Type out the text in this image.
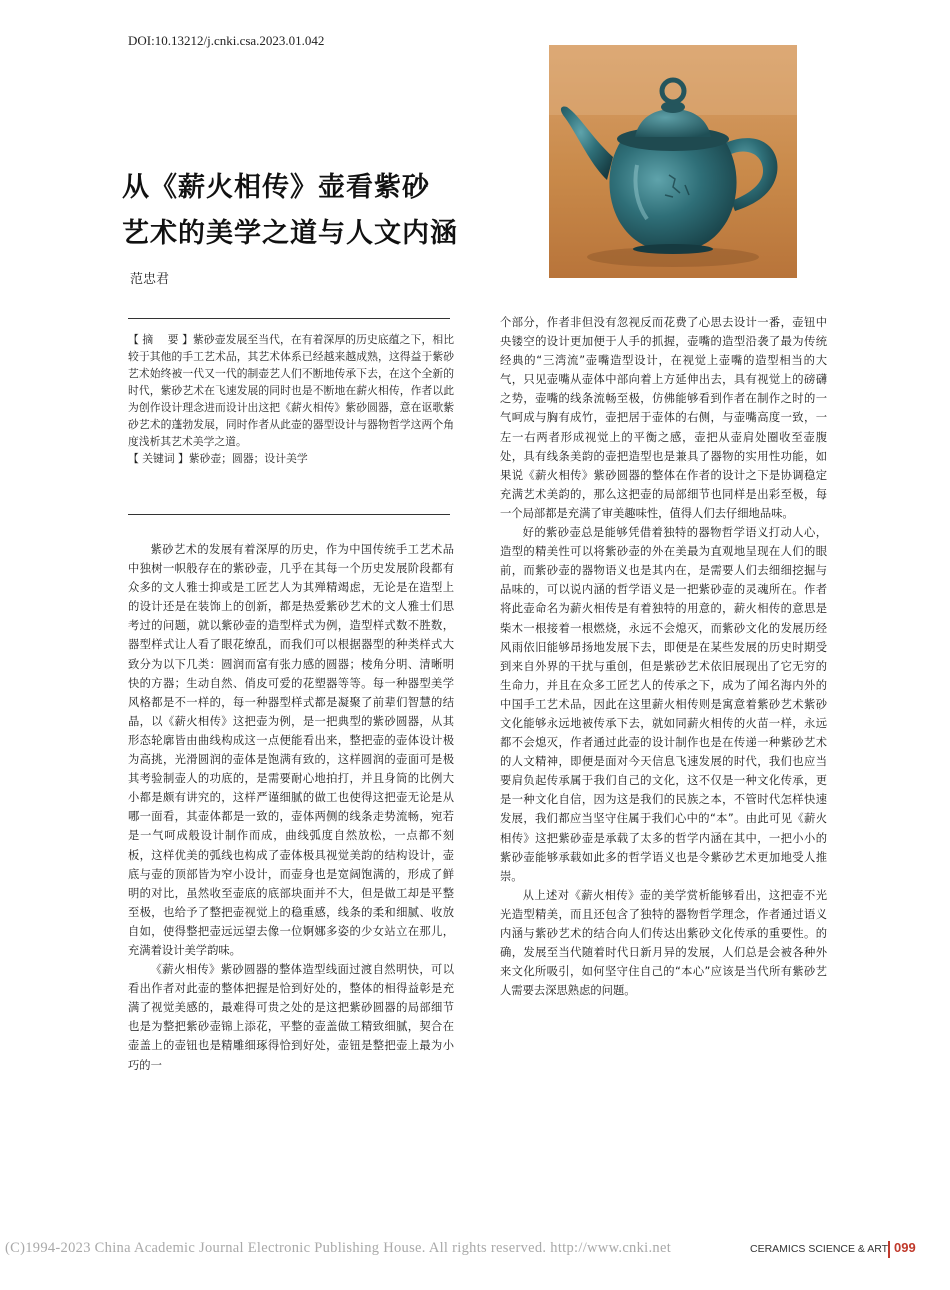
DOI:10.13212/j.cnki.csa.2023.01.042
从《薪火相传》壶看紫砂
艺术的美学之道与人文内涵
范忠君

【 摘　 要 】紫砂壶发展至当代，在有着深厚的历史底蕴之下，相比较于其他的手工艺术品，其艺术体系已经越来越成熟，这得益于紫砂艺术始终被一代又一代的制壶艺人们不断地传承下去，在这个全新的时代，紫砂艺术在飞速发展的同时也是不断地在薪火相传，作者以此为创作设计理念进而设计出这把《薪火相传》紫砂圆器，意在讴歌紫砂艺术的蓬勃发展，同时作者从此壶的器型设计与器物哲学这两个角度浅析其艺术美学之道。

【 关键词 】紫砂壶；圆器；设计美学

紫砂艺术的发展有着深厚的历史，作为中国传统手工艺术品中独树一帜般存在的紫砂壶，几乎在其每一个历史发展阶段都有众多的文人雅士抑或是工匠艺人为其殚精竭虑，无论是在造型上的设计还是在装饰上的创新，都是热爱紫砂艺术的文人雅士们思考过的问题，就以紫砂壶的造型样式为例，造型样式数不胜数，器型样式让人看了眼花缭乱，而我们可以根据器型的种类样式大致分为以下几类：圆润而富有张力感的圆器；棱角分明、清晰明快的方器；生动自然、俏皮可爱的花塑器等等。每一种器型美学风格都是不一样的，每一种器型样式都是凝聚了前辈们智慧的结晶，以《薪火相传》这把壶为例，是一把典型的紫砂圆器，从其形态轮廓皆由曲线构成这一点便能看出来，整把壶的壶体设计极为高挑，光滑圆润的壶体是饱满有致的，这样圆润的壶面可是极其考验制壶人的功底的，是需要耐心地拍打，并且身筒的比例大小都是颇有讲究的，这样严谨细腻的做工也使得这把壶无论是从哪一面看，其壶体都是一致的，壶体两侧的线条走势流畅，宛若是一气呵成般设计制作而成，曲线弧度自然放松，一点都不刻板，这样优美的弧线也构成了壶体极具视觉美韵的结构设计，壶底与壶的顶部皆为窄小设计，而壶身也是宽阔饱满的，形成了鲜明的对比，虽然收至壶底的底部块面并不大，但是做工却是平整至极，也给予了整把壶视觉上的稳重感，线条的柔和细腻、收放自如，使得整把壶远远望去像一位婀娜多姿的少女站立在那儿，充满着设计美学韵味。

《薪火相传》紫砂圆器的整体造型线面过渡自然明快，可以看出作者对此壶的整体把握是恰到好处的，整体的相得益彰是充满了视觉美感的，最难得可贵之处的是这把紫砂圆器的局部细节也是为整把紫砂壶锦上添花，平整的壶盖做工精致细腻，契合在壶盖上的壶钮也是精雕细琢得恰到好处，壶钮是整把壶上最为小巧的一

个部分，作者非但没有忽视反而花费了心思去设计一番，壶钮中央镂空的设计更加便于人手的抓握，壶嘴的造型沿袭了最为传统经典的“三湾流”壶嘴造型设计，在视觉上壶嘴的造型相当的大气，只见壶嘴从壶体中部向着上方延伸出去，具有视觉上的磅礴之势，壶嘴的线条流畅至极，仿佛能够看到作者在制作之时的一气呵成与胸有成竹，壶把居于壶体的右侧，与壶嘴高度一致，一左一右两者形成视觉上的平衡之感，壶把从壶肩处圈收至壶腹处，具有线条美韵的壶把造型也是兼具了器物的实用性功能，如果说《薪火相传》紫砂圆器的整体在作者的设计之下是协调稳定充满艺术美韵的，那么这把壶的局部细节也同样是出彩至极，每一个局部都是充满了审美趣味性，值得人们去仔细地品味。

好的紫砂壶总是能够凭借着独特的器物哲学语义打动人心，造型的精美性可以将紫砂壶的外在美最为直观地呈现在人们的眼前，而紫砂壶的器物语义也是其内在，是需要人们去细细挖掘与品味的，可以说内涵的哲学语义是一把紫砂壶的灵魂所在。作者将此壶命名为薪火相传是有着独特的用意的，薪火相传的意思是柴木一根接着一根燃烧，永远不会熄灭，而紫砂文化的发展历经风雨依旧能够昂扬地发展下去，即便是在某些发展的历史时期受到来自外界的干扰与重创，但是紫砂艺术依旧展现出了它无穷的生命力，并且在众多工匠艺人的传承之下，成为了闻名海内外的中国手工艺术品，因此在这里薪火相传则是寓意着紫砂艺术紫砂文化能够永远地被传承下去，就如同薪火相传的火苗一样，永远都不会熄灭，作者通过此壶的设计制作也是在传递一种紫砂艺术的人文精神，即便是面对今天信息飞速发展的时代，我们也应当要肩负起传承属于我们自己的文化，这不仅是一种文化传承，更是一种文化自信，因为这是我们的民族之本，不管时代怎样快速发展，我们都应当坚守住属于我们心中的“本”。由此可见《薪火相传》这把紫砂壶是承载了太多的哲学内涵在其中，一把小小的紫砂壶能够承载如此多的哲学语义也是令紫砂艺术更加地受人推崇。

从上述对《薪火相传》壶的美学赏析能够看出，这把壶不光光造型精美，而且还包含了独特的器物哲学理念，作者通过语义内涵与紫砂艺术的结合向人们传达出紫砂文化传承的重要性。的确，发展至当代随着时代日新月异的发展，人们总是会被各种外来文化所吸引，如何坚守住自己的“本心”应该是当代所有紫砂艺人需要去深思熟虑的问题。

(C)1994-2023 China Academic Journal Electronic Publishing House. All rights reserved. http://www.cnki.net	CERAMICS SCIENCE & ART 099
